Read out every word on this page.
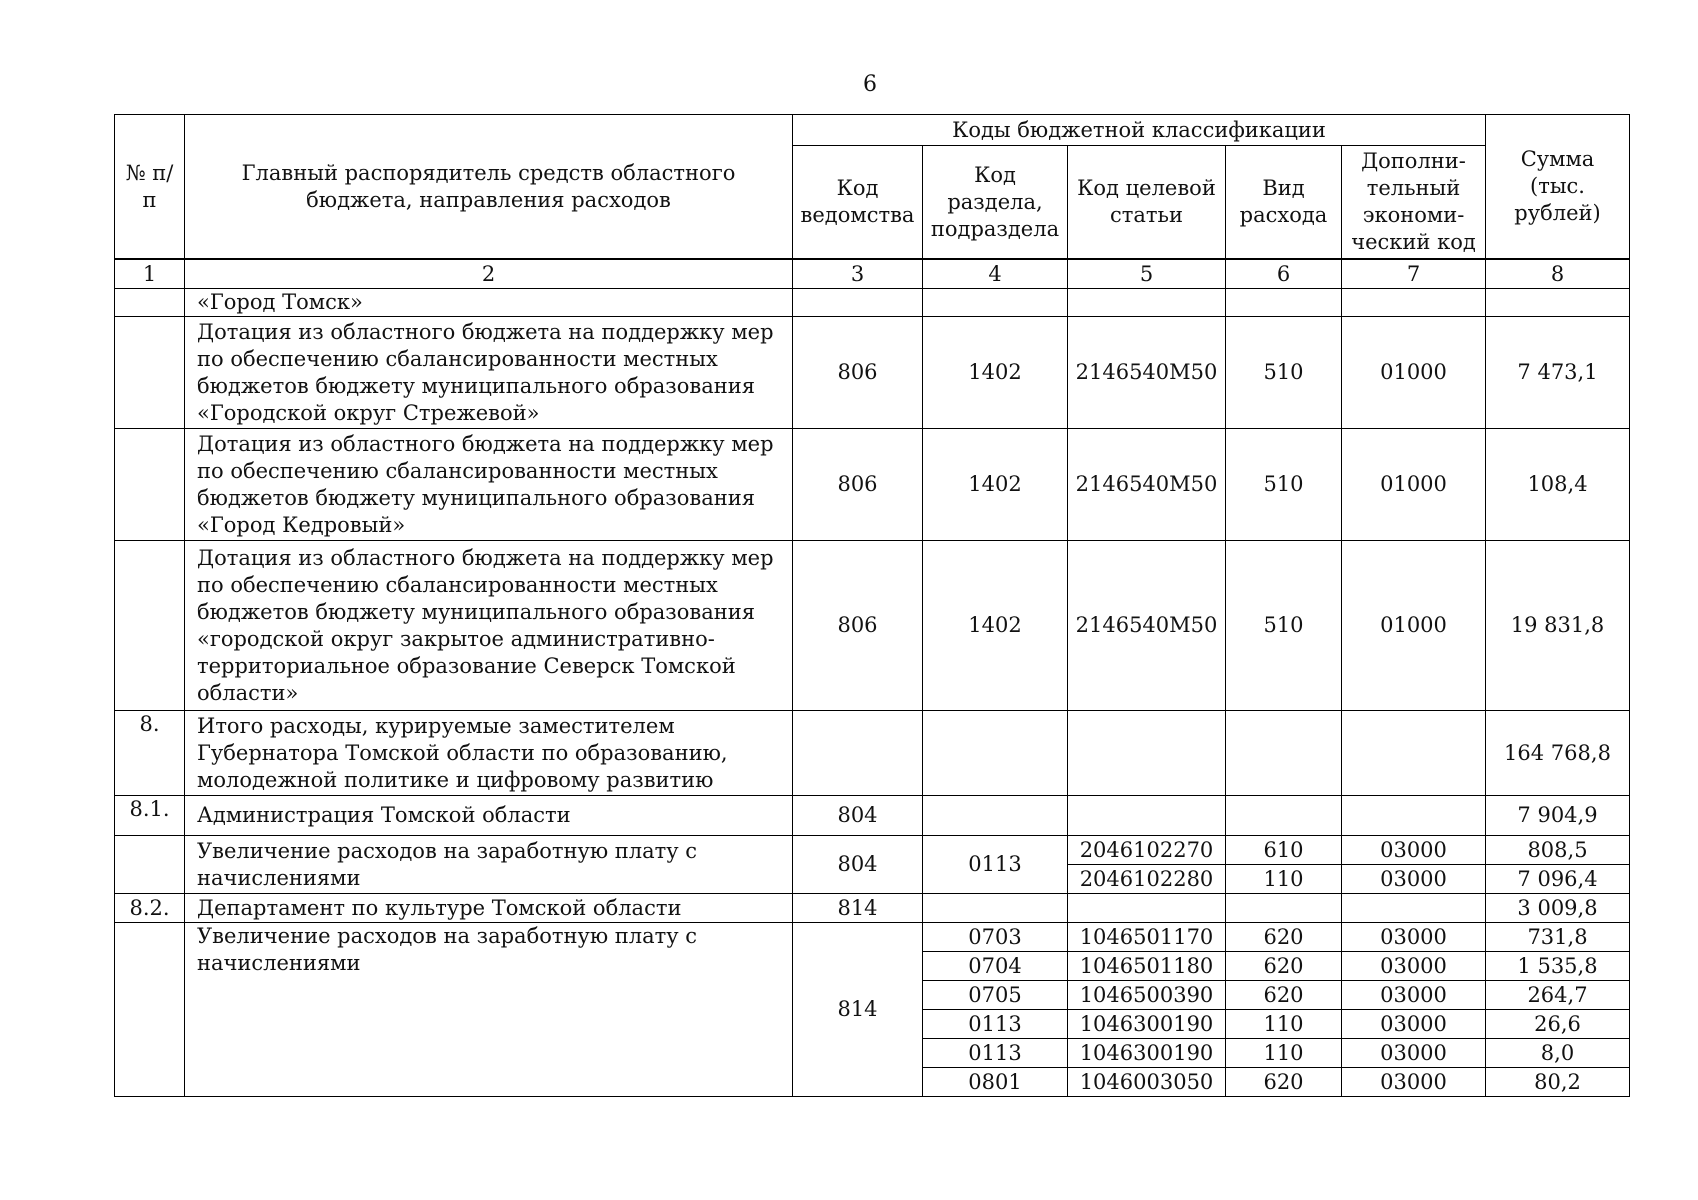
6
№ п/п	Главный распорядитель средств областного бюджета, направления расходов	Коды бюджетной классификации					Сумма (тыс. рублей)
		Код ведомства	Код раздела, подраздела	Код целевой статьи	Вид расхода	Дополни-тельный экономи-ческий код	
1	2	3	4	5	6	7	8
	«Город Томск»						
	Дотация из областного бюджета на поддержку мер по обеспечению сбалансированности местных бюджетов бюджету муниципального образования «Городской округ Стрежевой»	806	1402	2146540М50	510	01000	7 473,1
	Дотация из областного бюджета на поддержку мер по обеспечению сбалансированности местных бюджетов бюджету муниципального образования «Город Кедровый»	806	1402	2146540М50	510	01000	108,4
	Дотация из областного бюджета на поддержку мер по обеспечению сбалансированности местных бюджетов бюджету муниципального образования «городской округ закрытое административно-территориальное образование Северск Томской области»	806	1402	2146540М50	510	01000	19 831,8
8.	Итого расходы, курируемые заместителем Губернатора Томской области по образованию, молодежной политике и цифровому развитию						164 768,8
8.1.	Администрация Томской области	804					7 904,9
	Увеличение расходов на заработную плату с начислениями	804	0113	2046102270	610	03000	808,5
				2046102280	110	03000	7 096,4
8.2.	Департамент по культуре Томской области	814					3 009,8
	Увеличение расходов на заработную плату с начислениями	814	0703	1046501170	620	03000	731,8
			0704	1046501180	620	03000	1 535,8
			0705	1046500390	620	03000	264,7
			0113	1046300190	110	03000	26,6
			0113	1046300190	110	03000	8,0
			0801	1046003050	620	03000	80,2
